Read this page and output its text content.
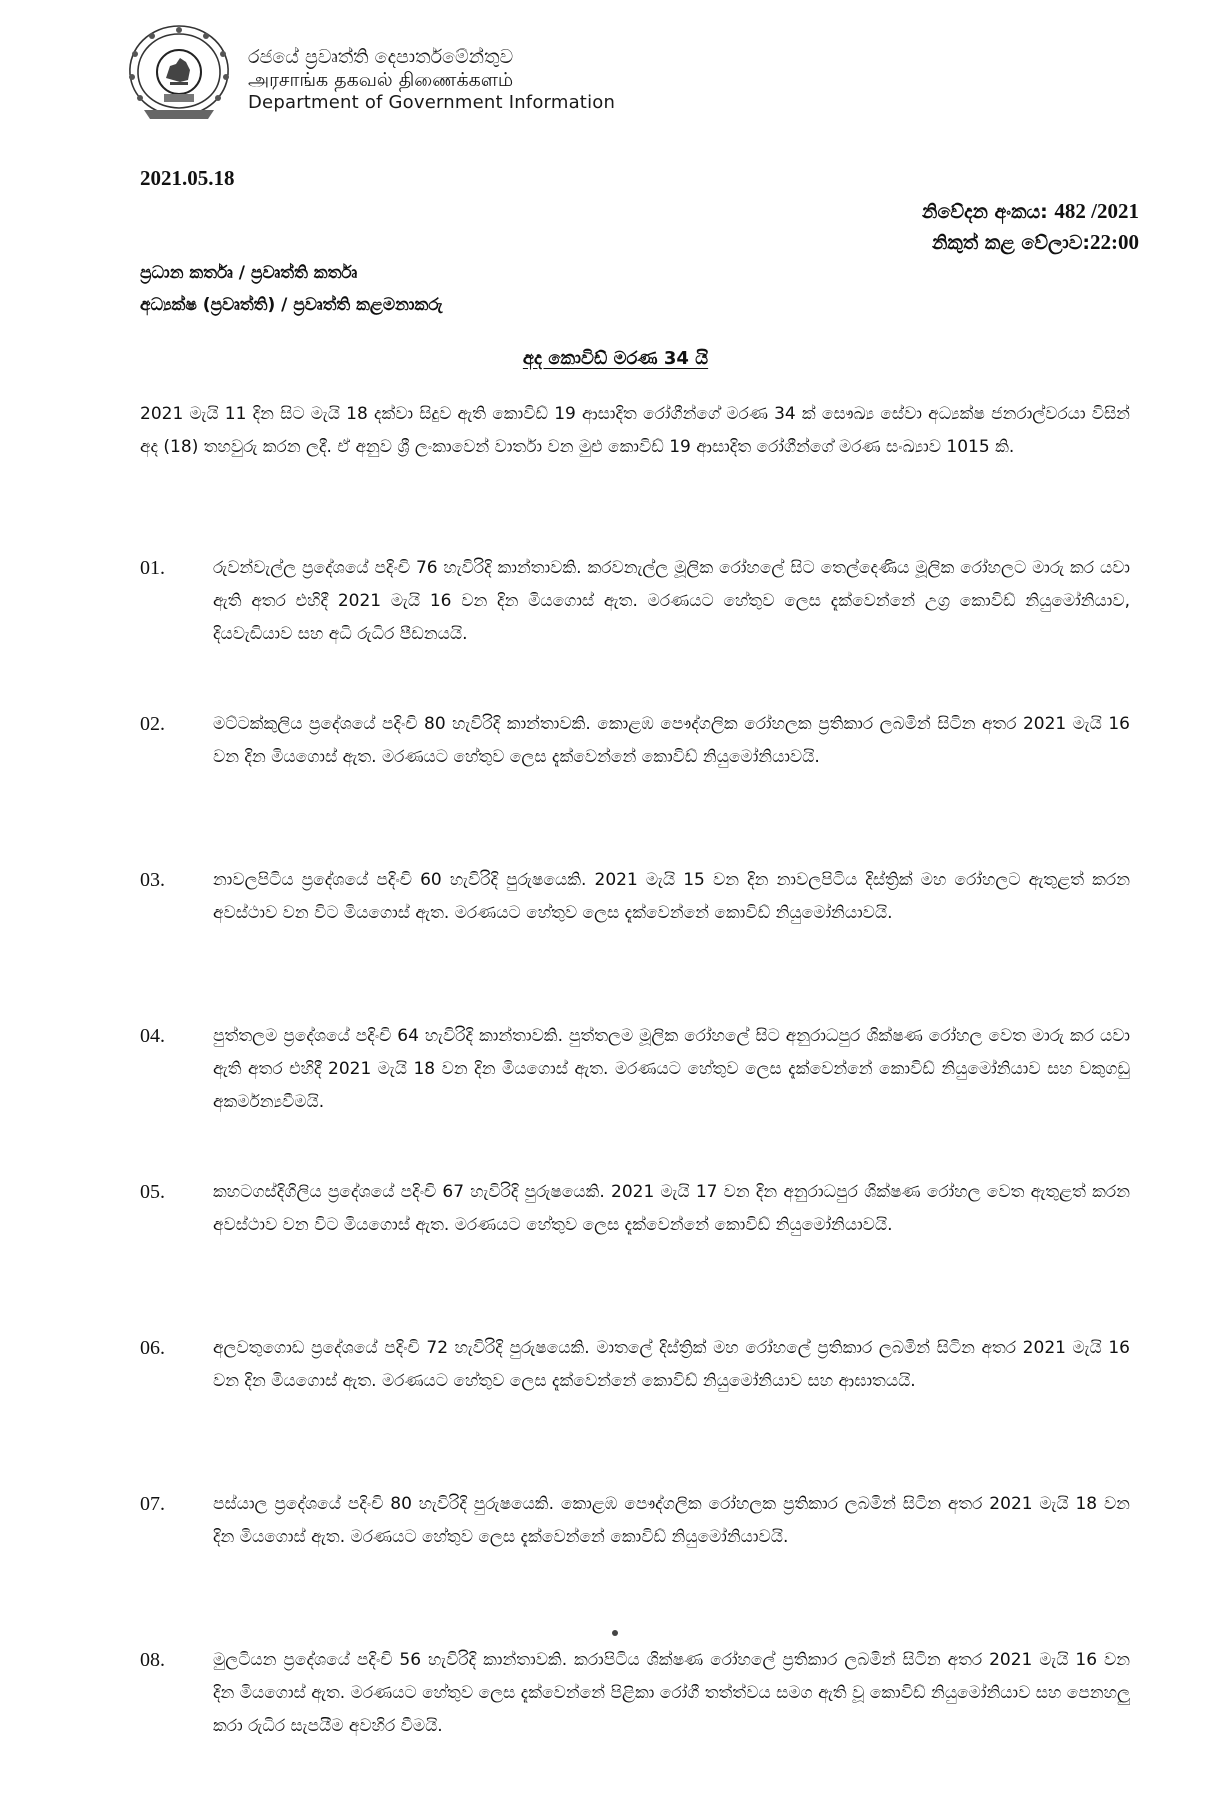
රජයේ ප්‍රවෘත්ති දෙපාර්තමේන්තුව
அரசாங்க தகவல் திணைக்களம்
Department of Government Information
2021.05.18
නිවේදන අංකය: 482 /2021
නිකුත් කළ වේලාව:22:00
ප්‍රධාන කර්තෘ / ප්‍රවෘත්ති කර්තෘ
අධ්‍යක්ෂ (ප්‍රවෘත්ති) / ප්‍රවෘත්ති කළමනාකරු
අද කොවිඩ් මරණ 34 යි
2021 මැයි 11 දින සිට මැයි 18 දක්වා සිදුව ඇති කොවිඩ් 19 ආසාදිත රෝගීන්ගේ මරණ 34 ක් සෞඛ්‍ය සේවා අධ්‍යක්ෂ ජනරාල්වරයා විසින් අද (18) තහවුරු කරන ලදී. ඒ අනුව ශ්‍රී ලංකාවෙන් වාර්තා වන මුළු කොවිඩ් 19 ආසාදිත රෝගීන්ගේ මරණ සංඛ්‍යාව 1015 කි.
01.	රුවන්වැල්ල ප්‍රදේශයේ පදිංචි 76 හැවිරිදි කාන්තාවකි. කරවනැල්ල මූලික රෝහලේ සිට තෙල්දෙණිය මූලික රෝහලට මාරු කර යවා ඇති අතර එහිදී 2021 මැයි 16 වන දින මියගොස් ඇත. මරණයට හේතුව ලෙස දැක්වෙන්නේ උග්‍ර කොවිඩ් නියුමෝනියාව, දියවැඩියාව සහ අධි රුධිර පීඩනයයි.
02.	මට්ටක්කුලිය ප්‍රදේශයේ පදිංචි 80 හැවිරිදි කාන්තාවකි. කොළඹ පෞද්ගලික රෝහලක ප්‍රතිකාර ලබමින් සිටින අතර 2021 මැයි 16 වන දින මියගොස් ඇත. මරණයට හේතුව ලෙස දැක්වෙන්නේ කොවිඩ් නියුමෝනියාවයි.
03.	නාවලපිටිය ප්‍රදේශයේ පදිංචි 60 හැවිරිදි පුරුෂයෙකි. 2021 මැයි 15 වන දින නාවලපිටිය දිස්ත්‍රික් මහ රෝහලට ඇතුළත් කරන අවස්ථාව වන විට මියගොස් ඇත. මරණයට හේතුව ලෙස දැක්වෙන්නේ කොවිඩ් නියුමෝනියාවයි.
04.	පුත්තලම ප්‍රදේශයේ පදිංචි 64 හැවිරිදි කාන්තාවකි. පුත්තලම මූලික රෝහලේ සිට අනුරාධපුර ශික්ෂණ රෝහල වෙත මාරු කර යවා ඇති අතර එහිදී 2021 මැයි 18 වන දින මියගොස් ඇත. මරණයට හේතුව ලෙස දැක්වෙන්නේ කොවිඩ් නියුමෝනියාව සහ වකුගඩු අකර්මන්‍යවීමයි.
05.	කහටගස්දිගිලිය ප්‍රදේශයේ පදිංචි 67 හැවිරිදි පුරුෂයෙකි. 2021 මැයි 17 වන දින අනුරාධපුර ශික්ෂණ රෝහල වෙත ඇතුළත් කරන අවස්ථාව වන විට මියගොස් ඇත. මරණයට හේතුව ලෙස දැක්වෙන්නේ කොවිඩ් නියුමෝනියාවයි.
06.	අලවතුගොඩ ප්‍රදේශයේ පදිංචි 72 හැවිරිදි පුරුෂයෙකි. මාතලේ දිස්ත්‍රික් මහ රෝහලේ ප්‍රතිකාර ලබමින් සිටින අතර 2021 මැයි 16 වන දින මියගොස් ඇත. මරණයට හේතුව ලෙස දැක්වෙන්නේ කොවිඩ් නියුමෝනියාව සහ ආඝාතයයි.
07.	පස්යාල ප්‍රදේශයේ පදිංචි 80 හැවිරිදි පුරුෂයෙකි. කොළඹ පෞද්ගලික රෝහලක ප්‍රතිකාර ලබමින් සිටින අතර 2021 මැයි 18 වන දින මියගොස් ඇත. මරණයට හේතුව ලෙස දැක්වෙන්නේ කොවිඩ් නියුමෝනියාවයි.
08.	මුලටියන ප්‍රදේශයේ පදිංචි 56 හැවිරිදි කාන්තාවකි. කරාපිටිය ශික්ෂණ රෝහලේ ප්‍රතිකාර ලබමින් සිටින අතර 2021 මැයි 16 වන දින මියගොස් ඇත. මරණයට හේතුව ලෙස දැක්වෙන්නේ පිළිකා රෝගී තත්ත්වය සමග ඇති වූ කොවිඩ් නියුමෝනියාව සහ පෙනහලු කරා රුධිර සැපයීම අවහිර වීමයි.
